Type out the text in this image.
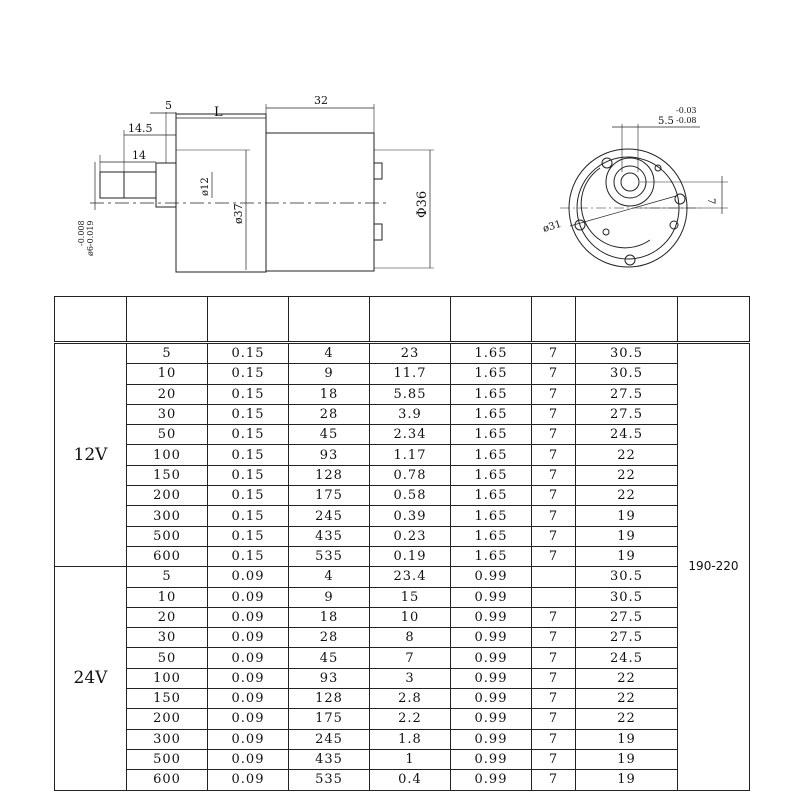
5	L
32
14.5
14
ø12
ø37	Φ36
-0.008 ø6-0.019
5.5
-0.03
-0.08
ø31
7

12V	5	0.15	4	23	1.65	7	30.5	190-220
	10	0.15	9	11.7	1.65	7	30.5	
	20	0.15	18	5.85	1.65	7	27.5	
	30	0.15	28	3.9	1.65	7	27.5	
	50	0.15	45	2.34	1.65	7	24.5	
	100	0.15	93	1.17	1.65	7	22	
	150	0.15	128	0.78	1.65	7	22	
	200	0.15	175	0.58	1.65	7	22	
	300	0.15	245	0.39	1.65	7	19	
	500	0.15	435	0.23	1.65	7	19	
	600	0.15	535	0.19	1.65	7	19	
24V	5	0.09	4	23.4	0.99		30.5	
	10	0.09	9	15	0.99		30.5	
	20	0.09	18	10	0.99	7	27.5	
	30	0.09	28	8	0.99	7	27.5	
	50	0.09	45	7	0.99	7	24.5	
	100	0.09	93	3	0.99	7	22	
	150	0.09	128	2.8	0.99	7	22	
	200	0.09	175	2.2	0.99	7	22	
	300	0.09	245	1.8	0.99	7	19	
	500	0.09	435	1	0.99	7	19	
	600	0.09	535	0.4	0.99	7	19	
